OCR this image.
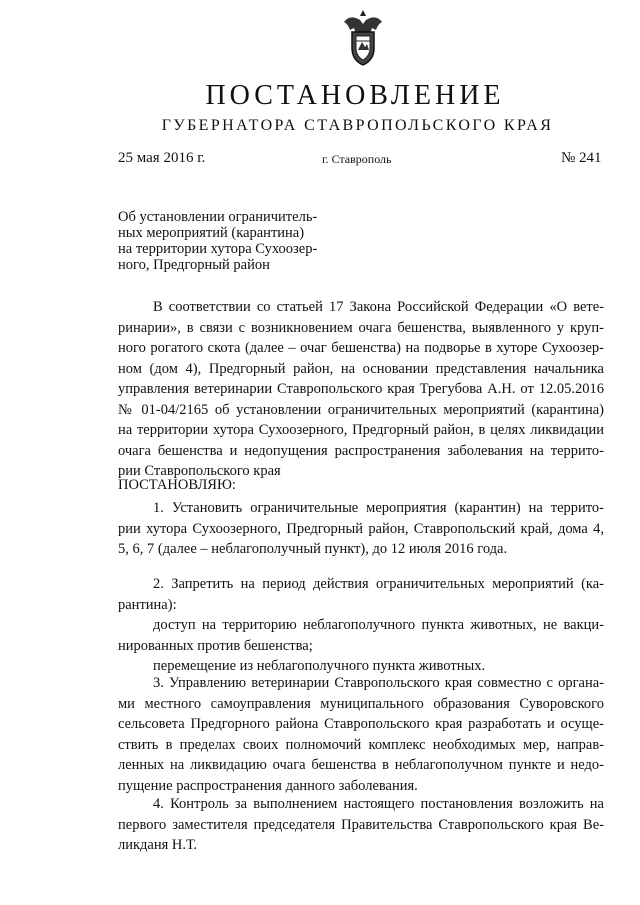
ПОСТАНОВЛЕНИЕ
ГУБЕРНАТОРА СТАВРОПОЛЬСКОГО КРАЯ
25 мая 2016 г.	г. Ставрополь	№ 241
Об установлении ограничитель-
ных мероприятий (карантина)
на территории хутора Сухоозер-
ного, Предгорный район
В соответствии со статьей 17 Закона Российской Федерации «О вете-
ринарии», в связи с возникновением очага бешенства, выявленного у круп-
ного рогатого скота (далее – очаг бешенства) на подворье в хуторе Сухоозер-
ном (дом 4), Предгорный район, на основании представления начальника
управления ветеринарии Ставропольского края Трегубова А.Н. от 12.05.2016
№ 01-04/2165 об установлении ограничительных мероприятий (карантина)
на территории хутора Сухоозерного, Предгорный район, в целях ликвидации
очага бешенства и недопущения распространения заболевания на террито-
рии Ставропольского края
ПОСТАНОВЛЯЮ:
1. Установить ограничительные мероприятия (карантин) на террито-
рии хутора Сухоозерного, Предгорный район, Ставропольский край, дома 4,
5, 6, 7 (далее – неблагополучный пункт), до 12 июля 2016 года.
2. Запретить на период действия ограничительных мероприятий (ка-
рантина):
доступ на территорию неблагополучного пункта животных, не вакци-
нированных против бешенства;
перемещение из неблагополучного пункта животных.
3. Управлению ветеринарии Ставропольского края совместно с органа-
ми местного самоуправления муниципального образования Суворовского
сельсовета Предгорного района Ставропольского края разработать и осуще-
ствить в пределах своих полномочий комплекс необходимых мер, направ-
ленных на ликвидацию очага бешенства в неблагополучном пункте и недо-
пущение распространения данного заболевания.
4. Контроль за выполнением настоящего постановления возложить на
первого заместителя председателя Правительства Ставропольского края Ве-
ликданя Н.Т.
